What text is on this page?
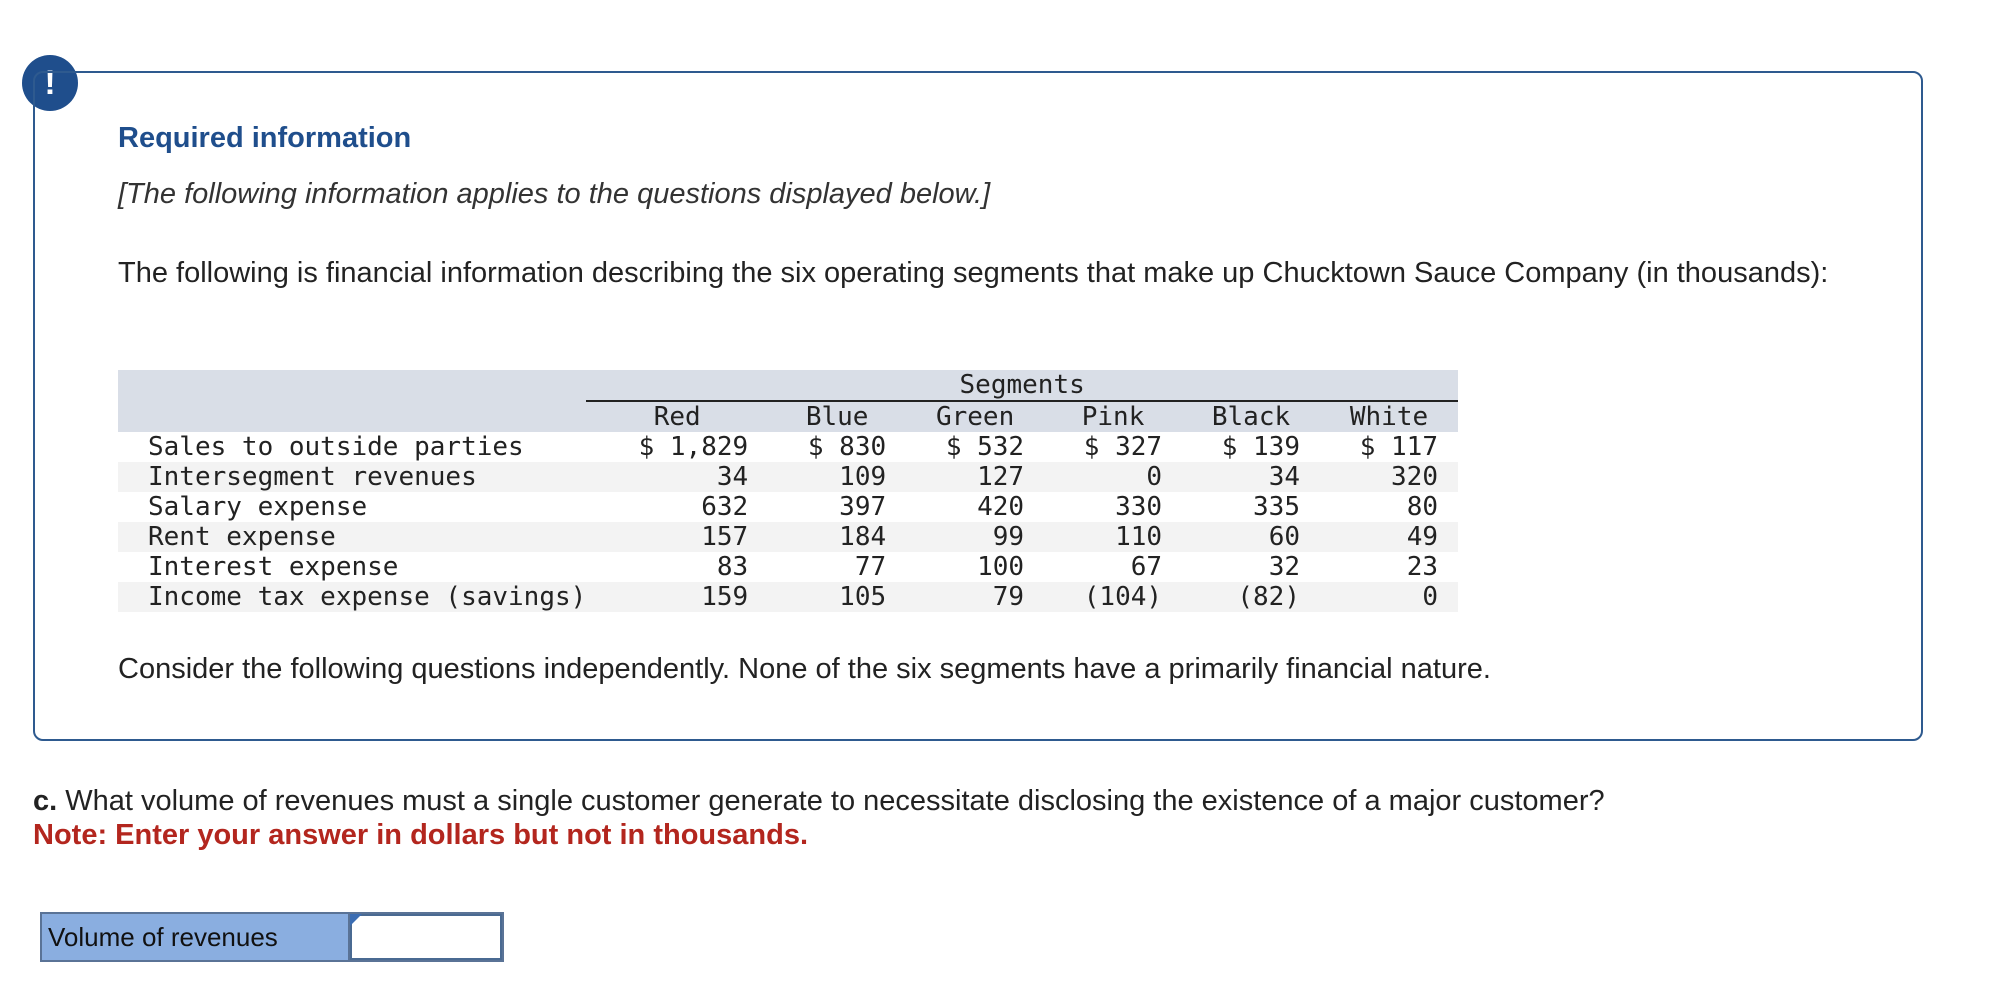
!
Required information

[The following information applies to the questions displayed below.]

The following is financial information describing the six operating segments that make up Chucktown Sauce Company (in thousands):

	Segments					
	Red	Blue	Green	Pink	Black	White
Sales to outside parties	$ 1,829	$ 830	$ 532	$ 327	$ 139	$ 117
Intersegment revenues	34	109	127	0	34	320
Salary expense	632	397	420	330	335	80
Rent expense	157	184	99	110	60	49
Interest expense	83	77	100	67	32	23
Income tax expense (savings)	159	105	79	(104)	(82)	0

Consider the following questions independently. None of the six segments have a primarily financial nature.

c. What volume of revenues must a single customer generate to necessitate disclosing the existence of a major customer?

Note: Enter your answer in dollars but not in thousands.

Volume of revenues
